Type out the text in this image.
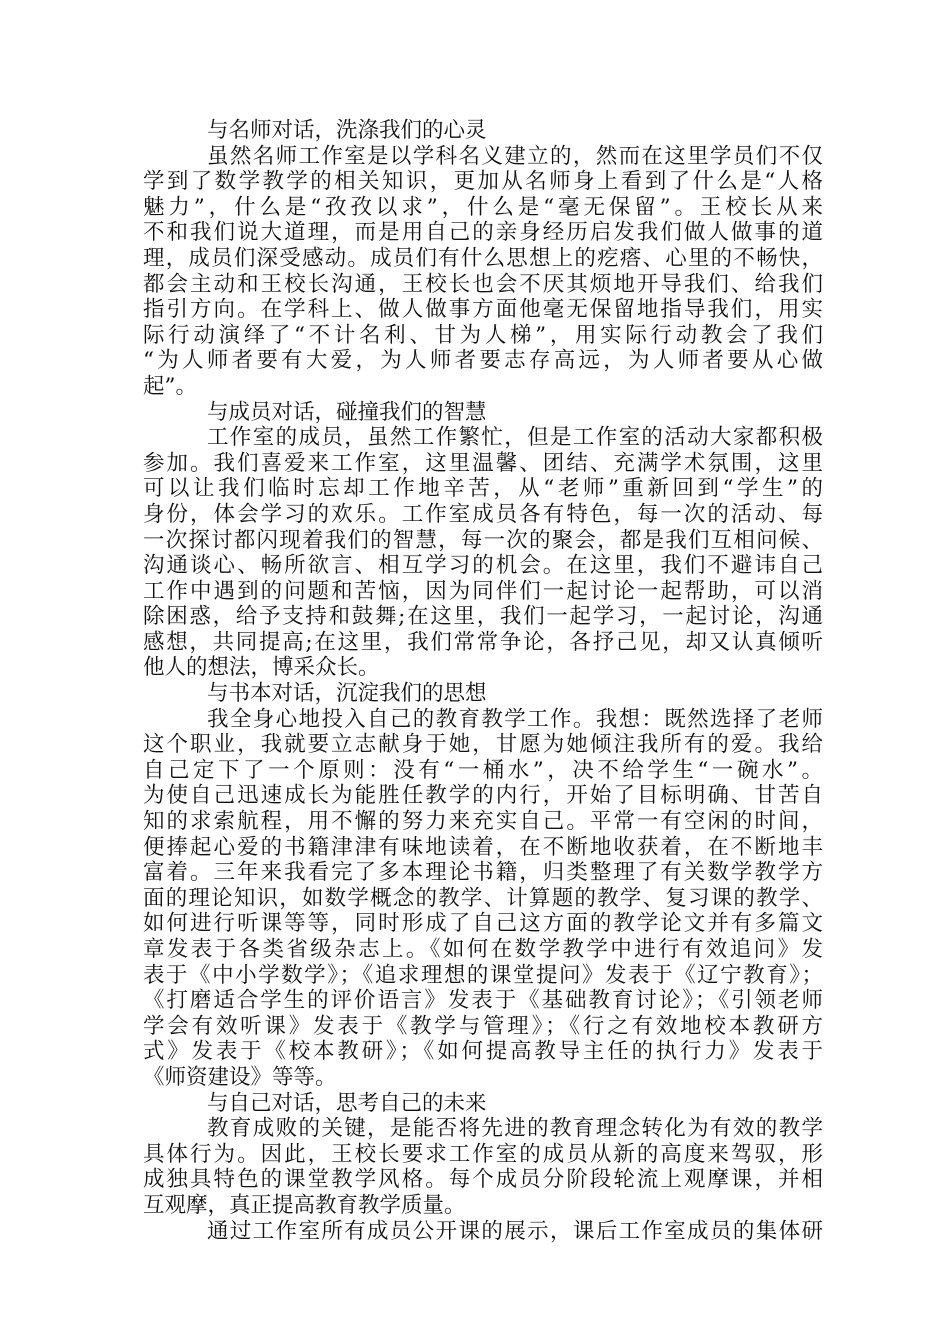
与名师对话，洗涤我们的心灵
虽然名师工作室是以学科名义建立的，然而在这里学员们不仅
学到了数学教学的相关知识，更加从名师身上看到了什么是“人格
魅力”，什么是“孜孜以求”，什么是“毫无保留”。王校长从来
不和我们说大道理，而是用自己的亲身经历启发我们做人做事的道
理，成员们深受感动。成员们有什么思想上的疙瘩、心里的不畅快，
都会主动和王校长沟通，王校长也会不厌其烦地开导我们、给我们
指引方向。在学科上、做人做事方面他毫无保留地指导我们，用实
际行动演绎了“不计名利、甘为人梯”，用实际行动教会了我们
“为人师者要有大爱，为人师者要志存高远，为人师者要从心做
起”。
与成员对话，碰撞我们的智慧
工作室的成员，虽然工作繁忙，但是工作室的活动大家都积极
参加。我们喜爱来工作室，这里温馨、团结、充满学术氛围，这里
可以让我们临时忘却工作地辛苦，从“老师”重新回到“学生”的
身份，体会学习的欢乐。工作室成员各有特色，每一次的活动、每
一次探讨都闪现着我们的智慧，每一次的聚会，都是我们互相问候、
沟通谈心、畅所欲言、相互学习的机会。在这里，我们不避讳自己
工作中遇到的问题和苦恼，因为同伴们一起讨论一起帮助，可以消
除困惑，给予支持和鼓舞;在这里，我们一起学习，一起讨论，沟通
感想，共同提高;在这里，我们常常争论，各抒己见，却又认真倾听
他人的想法，博采众长。
与书本对话，沉淀我们的思想
我全身心地投入自己的教育教学工作。我想：既然选择了老师
这个职业，我就要立志献身于她，甘愿为她倾注我所有的爱。我给
自己定下了一个原则：没有“一桶水”，决不给学生“一碗水”。
为使自己迅速成长为能胜任教学的内行，开始了目标明确、甘苦自
知的求索航程，用不懈的努力来充实自己。平常一有空闲的时间，
便捧起心爱的书籍津津有味地读着，在不断地收获着，在不断地丰
富着。三年来我看完了多本理论书籍，归类整理了有关数学教学方
面的理论知识，如数学概念的教学、计算题的教学、复习课的教学、
如何进行听课等等，同时形成了自己这方面的教学论文并有多篇文
章发表于各类省级杂志上。《如何在数学教学中进行有效追问》发
表于《中小学数学》；《追求理想的课堂提问》发表于《辽宁教育》；
《打磨适合学生的评价语言》发表于《基础教育讨论》；《引领老师
学会有效听课》发表于《教学与管理》；《行之有效地校本教研方
式》发表于《校本教研》；《如何提高教导主任的执行力》发表于
《师资建设》等等。
与自己对话，思考自己的未来
教育成败的关键，是能否将先进的教育理念转化为有效的教学
具体行为。因此，王校长要求工作室的成员从新的高度来驾驭，形
成独具特色的课堂教学风格。每个成员分阶段轮流上观摩课，并相
互观摩，真正提高教育教学质量。
通过工作室所有成员公开课的展示，课后工作室成员的集体研
